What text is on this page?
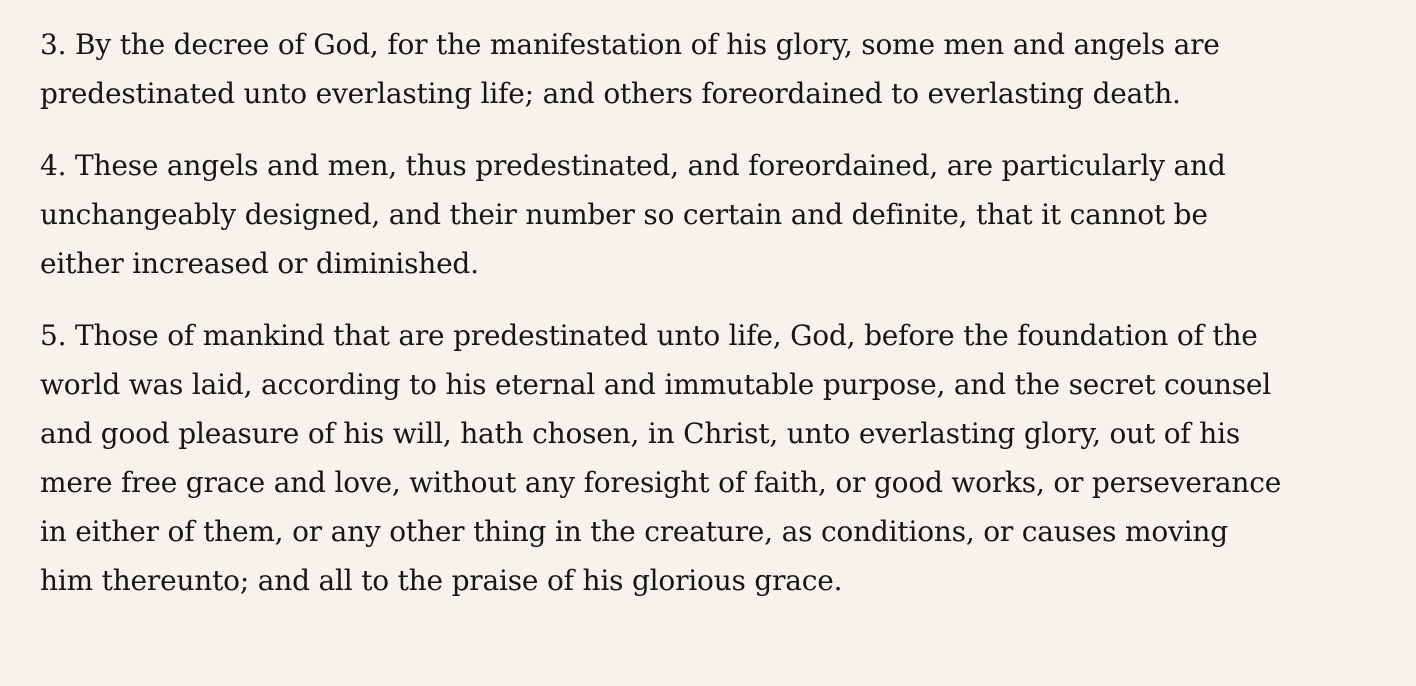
3. By the decree of God, for the manifestation of his glory, some men and angels are
predestinated unto everlasting life; and others foreordained to everlasting death.

4. These angels and men, thus predestinated, and foreordained, are particularly and
unchangeably designed, and their number so certain and definite, that it cannot be
either increased or diminished.

5. Those of mankind that are predestinated unto life, God, before the foundation of the
world was laid, according to his eternal and immutable purpose, and the secret counsel
and good pleasure of his will, hath chosen, in Christ, unto everlasting glory, out of his
mere free grace and love, without any foresight of faith, or good works, or perseverance
in either of them, or any other thing in the creature, as conditions, or causes moving
him thereunto; and all to the praise of his glorious grace.
